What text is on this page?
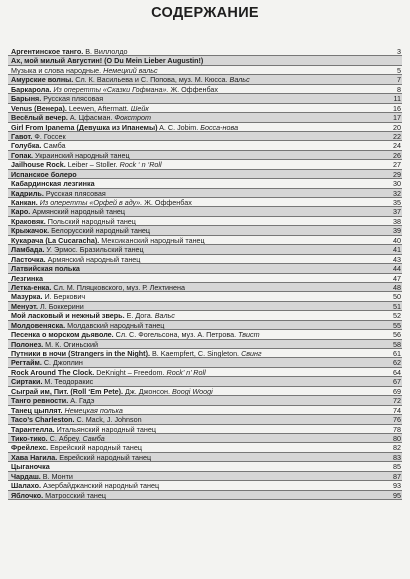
СОДЕРЖАНИЕ
Аргентинское танго. В. Виллолдо	3
Ах, мой милый Августин! (O Du Mein Lieber Augustin!)
Музыка и слова народные. Немецкий вальс	5
Амурские волны. Сл. К. Васильева и С. Попова, муз. М. Кюсса. Вальс	7
Баркарола. Из оперетты «Сказки Гофмана». Ж. Оффенбах	8
Барыня. Русская плясовая	11
Venus (Венера). Leewen, Aftermatt. Шейк	16
Весёлый вечер. А. Цфасман. Фокстрот	17
Girl From Ipanema (Девушка из Ипанемы) A. C. Jobim. Босса-нова	20
Гавот. Ф. Госсек	22
Голубка. Самба	24
Гопак. Украинский народный танец	26
Jailhouse Rock. Leiber – Stoller. Rock ‘ n ‘Roll	27
Испанское болеро	29
Кабардинская лезгинка	30
Кадриль. Русская плясовая	32
Канкан. Из оперетты «Орфей в аду». Ж. Оффенбах	35
Каро. Армянский народный танец	37
Краковяк. Польский народный танец	38
Крыжачок. Белорусский народный танец	39
Кукарача (La Cucaracha). Мексиканский народный танец	40
Ламбада. У. Эрмос. Бразильский танец	41
Ласточка. Армянский народный танец	43
Латвийская полька	44
Лезгинка	47
Летка-енка. Сл. М. Пляцковского, муз. Р. Лехтинена	48
Мазурка. И. Беркович	50
Менуэт. Л. Боккерини	51
Мой ласковый и нежный зверь. Е. Дога. Вальс	52
Молдовеняска. Молдавский народный танец	55
Песенка о морском дьяволе. Сл. С. Фогельсона, муз. А. Петрова. Твист	56
Полонез. М. К. Огиньский	58
Путники в ночи (Strangers in the Night). B. Kaempfert, C. Singleton. Свинг	61
Регтайм. С. Джоплин	62
Rock Around The Clock. DeKnight – Freedom. Rock’ n’ Roll	64
Сиртаки. М. Теодоракис	67
Сыграй им, Пит. (Roll ‘Em Pete). Дж. Джонсон. Boogi Woogi	69
Танго ревности. А. Гадэ	72
Танец цыплят. Немецкая полька	74
Taco’s Charleston. C. Mack, J. Johnson	76
Тарантелла. Итальянский народный танец	78
Тико-тико. С. Абреу. Самба	80
Фрейлехс. Еврейский народный танец	82
Хава Нагила. Еврейский народный танец	83
Цыганочка	85
Чардаш. В. Монти	87
Шалахо. Азербайджанский народный танец	93
Яблочко. Матросский танец	95
